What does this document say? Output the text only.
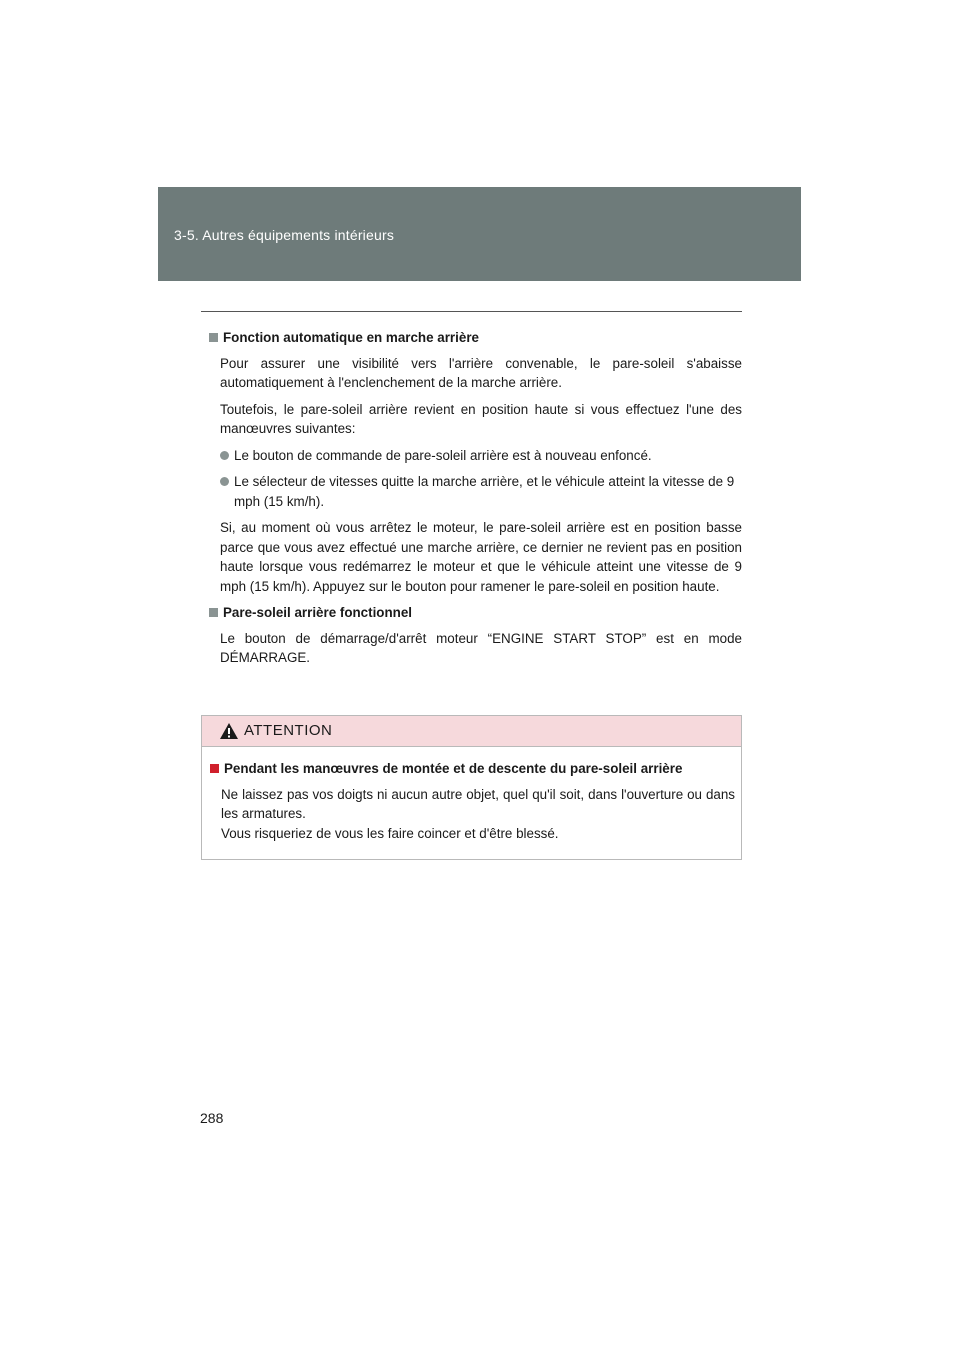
3-5. Autres équipements intérieurs
Fonction automatique en marche arrière

Pour assurer une visibilité vers l'arrière convenable, le pare-soleil s'abaisse automatiquement à l'enclenchement de la marche arrière.

Toutefois, le pare-soleil arrière revient en position haute si vous effectuez l'une des manœuvres suivantes:

Le bouton de commande de pare-soleil arrière est à nouveau enfoncé.
Le sélecteur de vitesses quitte la marche arrière, et le véhicule atteint la vitesse de 9 mph (15 km/h).

Si, au moment où vous arrêtez le moteur, le pare-soleil arrière est en position basse parce que vous avez effectué une marche arrière, ce dernier ne revient pas en position haute lorsque vous redémarrez le moteur et que le véhicule atteint une vitesse de 9 mph (15 km/h). Appuyez sur le bouton pour ramener le pare-soleil en position haute.

Pare-soleil arrière fonctionnel

Le bouton de démarrage/d'arrêt moteur “ENGINE START STOP” est en mode DÉMARRAGE.

ATTENTION
Pendant les manœuvres de montée et de descente du pare-soleil arrière

Ne laissez pas vos doigts ni aucun autre objet, quel qu'il soit, dans l'ouverture ou dans les armatures.

Vous risqueriez de vous les faire coincer et d'être blessé.

288
